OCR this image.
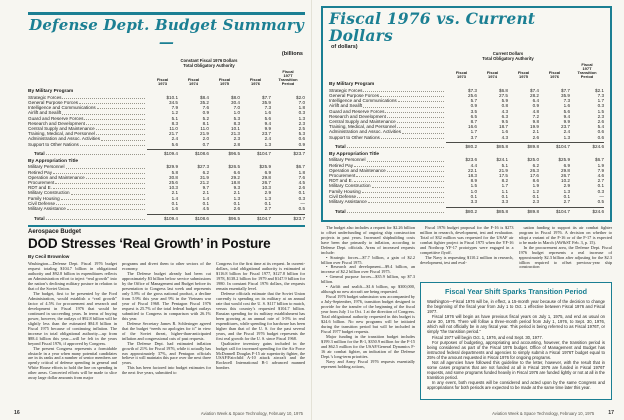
Defense Dept. Budget Summary—
(billions
Constant Fiscal 1976 Dollars
Total Obligatory Authority
Fiscal
1973
Fiscal
1974
Fiscal
1975
Fiscal
1976
Fiscal
197T
Transition
Period
By Military Program
Strategic Forces	$10.1	$8.4	$8.0	$7.7	$2.0
General Purpose Forces	34.5	35.2	30.4	35.9	7.0
Intelligence and Communications	7.9	7.6	7.0	7.3	1.8
Airlift and Sealift	1.2	0.9	1.0	1.6	0.3
Guard and Reserve Forces	5.1	5.2	5.3	5.6	1.3
Research and Development	8.3	8.1	8.3	9.4	2.3
Central Supply and Maintenance	11.0	11.0	10.1	9.9	2.5
Training, Medical, and Personnel	21.7	21.9	21.3	23.7	5.3
Administration and Assoc. Activities	2.4	2.0	2.3	2.4	0.6
Support to Other Nations	5.6	0.7	2.8	1.3	0.9
Total	$109.4	$108.6	$96.5	$104.7	$23.7
By Appropriation Title
Military Personnel	$29.9	$27.3	$26.5	$25.9	$6.7
Retired Pay	5.8	6.2	6.6	6.9	1.8
Operation and Maintenance	30.8	31.9	29.2	29.8	7.6
Procurement	25.6	21.2	18.8	26.7	4.5
RDT and E.	10.3	9.7	9.3	10.3	2.6
Military Construction	2.1	2.1	2.1	2.9	0.1
Family Housing	1.4	1.4	1.3	1.3	0.3
Civil Defense	0.1	0.1	0.1	0.1	—
Military Assistance	1.6	4.5	2.6	2.7	0.5
Total	$109.4	$108.6	$96.5	$104.7	$23.7
Aerospace Budget
DOD Stresses ‘Real Growth’ in Posture
By Cecil Brownlow

Washington—Defense Dept. Fiscal 1976 budget request totaling $104.7 billion in obligational authority and $92.8 billion in expenditures reflects an Administration effort to inject “real growth” into the nation’s declining military posture in relation to that of the Soviet Union.

The budget, first to be presented by the Ford Administration, would establish a “real growth” factor of 4.5% for procurement and research and development in Fiscal 1976 that would be continued in succeeding years. In terms of buying power, however, the outlays of $92.8 billion will be slightly less than the estimated $84.8 billion in Fiscal 1975 because of continuing inflation. The increase in total obligational authority—up from $88.4 billion this year—will be felt in the years beyond Fiscal 1976, if approved by Congress.

The present Congress represents a formidable obstacle in a year when many potential candidates are in its ranks and a number of senior members are openly critical of defense spending in general and White House efforts to hold the line on spending in other areas. Concerted efforts will be made to slice away large dollar amounts from major

programs and divert them to other sectors of the economy.

The Defense budget already had been cut approximately $3 billion below service submissions by the Office of Management and Budget before its presentation to Congress last week and represents only 5.8% of the gross national product, a decline from 5.9% this year and 9% in the Vietnam war year of Fiscal 1968. The Pentagon Fiscal 1976 request is 25.7% of the total federal budget outlays submitted to Congress in comparison with 26.1% this year.

Defense Secretary James R. Schlesinger agreed that the budget “needs no apologies for it” in view of the Soviet threat, higher-than-anticipated inflation and congressional cuts of past requests.

The Defense Dept. had estimated inflation growth of 21% for Fiscal 1976, while it actually has run approximately 37%, and Pentagon officials believe it will maintain this pace over the next three years.

This has been factored into budget estimates for the next five years, submitted to

Congress for the first time at its request. In current-dollars, total obligational authority is estimated at $116.8 billion for Fiscal 1977, $127.8 billion for 1978, $138.2 billion for 1979 and $147.9 billion for 1980. In constant Fiscal 1976 dollars, the requests remain essentially level.

Defense officials estimate that the Soviet Union currently is spending on its military at an annual rate that would cost the U. S. $117 billion to match, versus this country’s requested $104.7 billion. Russian spending for its military establishment has been growing at an annual rate of 3-5% in real expenditures, while spending for hardware has been higher than that of the U. S. for the past several years, and the Fiscal 1976 budget represents the first real growth for the U. S. since Fiscal 1968.

Qualitative inventory gains included in the budget call for increased spending for the Air Force McDonnell Douglas F-15 air superiority fighter, the USAF/Fairchild A-10 attack aircraft and the Rockwell International B-1 advanced manned bomber.

16	Aviation Week & Space Technology, February 10, 1975
Fiscal 1976 vs. Current Dollars
of dollars)
Current Dollars
Total Obligatory Authority
Fiscal
1973
Fiscal
1974
Fiscal
1975
Fiscal
1976
Fiscal
197T
Transition
Period
By Military Program
Strategic Forces	$7.3	$6.8	$7.4	$7.7	$2.1
General Purpose Forces	25.6	27.5	28.2	35.9	7.3
Intelligence and Communications	5.7	5.9	6.4	7.3	1.7
Airlift and Sealift	0.9	0.8	0.9	1.6	0.3
Guard and Reserve Forces	3.5	4.3	4.8	5.6	1.5
Research and Development	6.5	6.3	7.2	9.4	2.3
Central Supply and Maintenance	8.7	9.5	9.8	9.9	2.6
Training, Medical, and Personnel	16.6	18.7	19.9	23.7	5.4
Administration and Assoc. Activities	1.7	1.6	2.1	2.4	0.6
Support to Other Nations	3.7	4.3	2.6	1.3	0.6
Total	$80.2	$85.8	$89.8	$104.7	$24.6
By Appropriation Title
Military Personnel	$23.6	$24.1	$25.0	$25.9	$6.7
Retired Pay	4.4	5.1	6.2	6.9	1.9
Operation and Maintenance	22.1	21.9	26.3	29.8	7.9
Procurement	18.3	17.5	17.6	26.7	4.6
RDT and E.	8.9	8.2	8.6	10.2	2.7
Military Construction	1.5	1.7	1.9	2.9	0.1
Family Housing	1.0	1.1	1.2	1.3	0.3
Civil Defense	0.1	0.1	0.1	0.1	—
Military Assistance	3.3	3.3	2.3	2.7	0.5
Total	$80.2	$85.8	$89.8	$104.7	$24.6

The budget also includes a request for $2.26 billion to offset underfunding of ongoing ship construction projects in past years. Increased shipbuilding costs have been due primarily to inflation, according to Defense Dept. officials. Areas of increased requests include:

• Strategic forces—$7.7 billion, a gain of $2.2 billion over Fiscal 1975.

• Research and development—$9.4 billion, an increase of $2.2 billion over Fiscal 1975.

• General purpose forces—$35.9 billion, up $7.3 billion.

• Airlift and sealift—$1.6 billion, up $300,000, although no new aircraft are being requested.

Fiscal 1976 budget submission was accompanied by a July-September, 1976, transition budget designed to provide for the transfer of the beginning of the fiscal year from July 1 to Oct. 1 at the direction of Congress. Total obligational authority requested in this budget is $24.6 billion. No new programs will be initiated during the transition period but will be included in Fiscal 1977 budget requests.

Major funding in the transition budget includes $199.3 million for the B-1, $350.9 million for the F-15 and $62.5 million for the USAF/General Dynamics F-16 air combat fighter, an indication of the Defense Dept.’s long-term priorities.

Navy and Army Fiscal 1976 requests essentially represent holding actions,

Fiscal 1976 budget proposal for the F-16 is $273 million in research, development, test and evaluation. Total of $32 million was requested for the USAF air combat fighter project in Fiscal 1975 when the YF-16 and Northrop YF-17 prototypes were engaged in a competitive flyoff.

The Navy is requesting $110.2 million in research, development, test and eval-

uation funding to support its air combat fighter program in Fiscal 1976. A decision on whether to adopt a variant of the F-16 or of the F-17 is expected to be made in March (AW&ST Feb. 3, p. 15).

In the procurement area, the Defense Dept. Fiscal 1976 budget represents a real increase of approximately $2.3 billion after adjusting for the $2.3 billion required to offset previous-year ship construction

Fiscal Year Shift Sparks Transition Period

Washington—Fiscal 1976 will be, in effect, a 15-month year because of the decision to change the beginning of the fiscal year from July 1 to Oct. 1 effective between Fiscal 1976 and Fiscal 1977.

Fiscal 1976 will begin as have previous fiscal years on July 1, 1975, and end as usual on June 30, 1976. There will follow a three-month period from July 1, 1976, to Sept. 30, 1976, which will not officially be in any fiscal year. This period is being referred to as Fiscal 1976T, or simply “the transition period.”

Fiscal 1977 will begin Oct. 1, 1976, and end Sept. 30, 1977.

For purposes of budgeting, appropriating and accounting, however, the transition period is being considered as part of the Fiscal 1976 budget. Office of Management and Budget has instructed federal departments and agencies to simply submit a Fiscal 1976T budget equal to 25% of the amount requested in Fiscal 1976 for ongoing programs.

Not all agencies have followed this guideline to the letter, however, with the result that in some cases programs that are not funded at all in Fiscal 1976 are funded in Fiscal 1976T requests, and some programs funded heavily in Fiscal 1976 are funded lightly or not at all in the transition period.

In any event, both requests will be considered and acted upon by the same Congress and appropriations for both periods are expected to be made at the same time later this year.

Aviation Week & Space Technology, February 10, 1975	17
